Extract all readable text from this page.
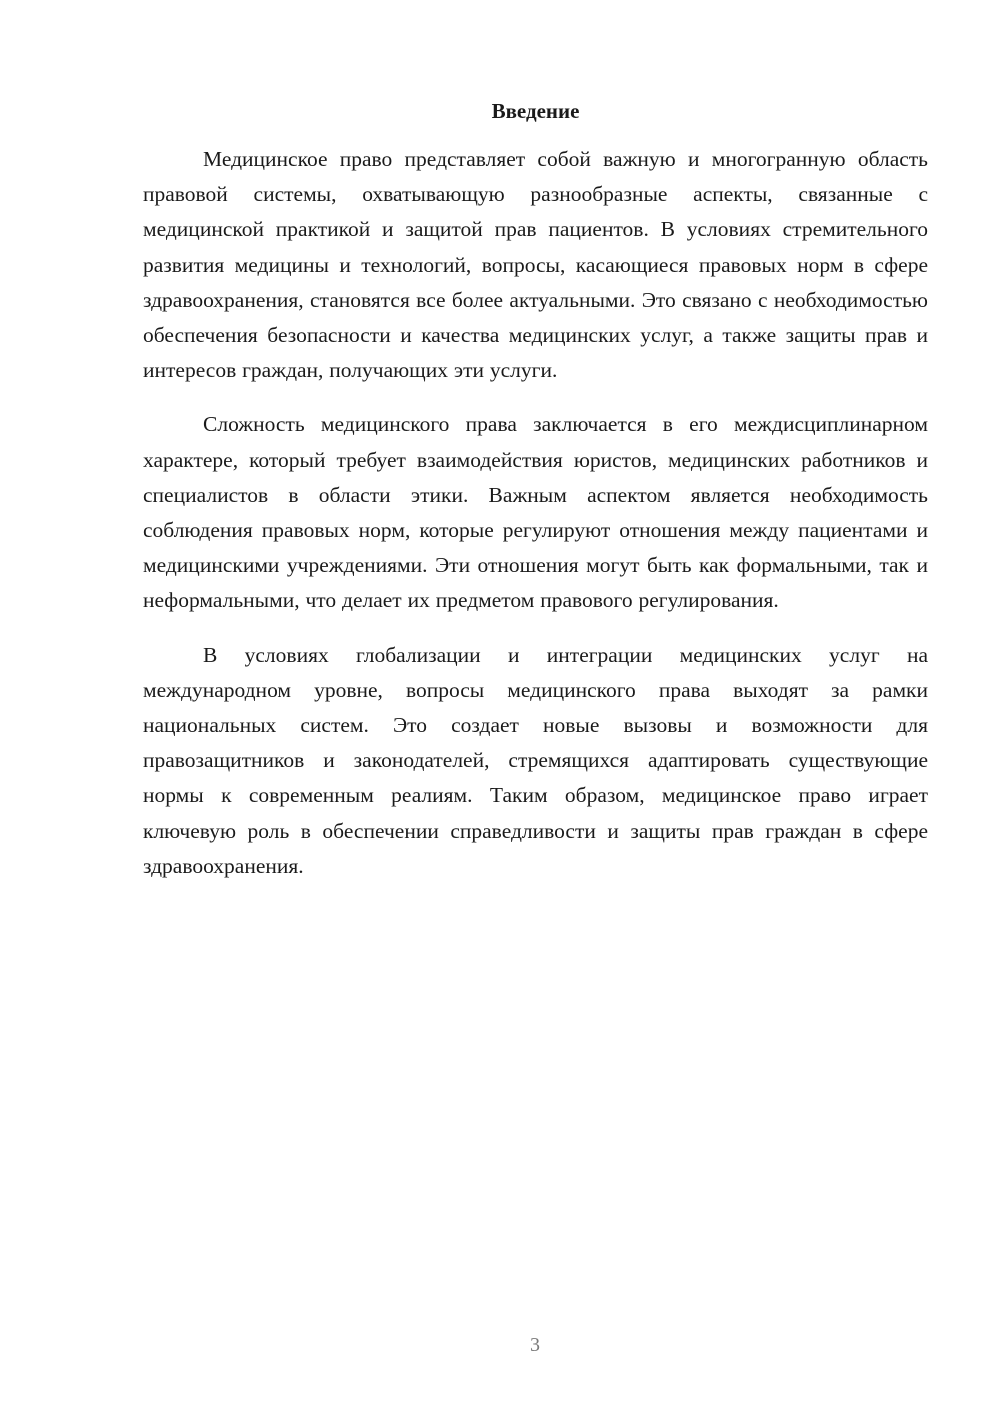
Введение

Медицинское право представляет собой важную и многогранную область правовой системы, охватывающую разнообразные аспекты, связанные с медицинской практикой и защитой прав пациентов. В условиях стремительного развития медицины и технологий, вопросы, касающиеся правовых норм в сфере здравоохранения, становятся все более актуальными. Это связано с необходимостью обеспечения безопасности и качества медицинских услуг, а также защиты прав и интересов граждан, получающих эти услуги.

Сложность медицинского права заключается в его междисциплинарном характере, который требует взаимодействия юристов, медицинских работников и специалистов в области этики. Важным аспектом является необходимость соблюдения правовых норм, которые регулируют отношения между пациентами и медицинскими учреждениями. Эти отношения могут быть как формальными, так и неформальными, что делает их предметом правового регулирования.

В условиях глобализации и интеграции медицинских услуг на международном уровне, вопросы медицинского права выходят за рамки национальных систем. Это создает новые вызовы и возможности для правозащитников и законодателей, стремящихся адаптировать существующие нормы к современным реалиям. Таким образом, медицинское право играет ключевую роль в обеспечении справедливости и защиты прав граждан в сфере здравоохранения.

3
